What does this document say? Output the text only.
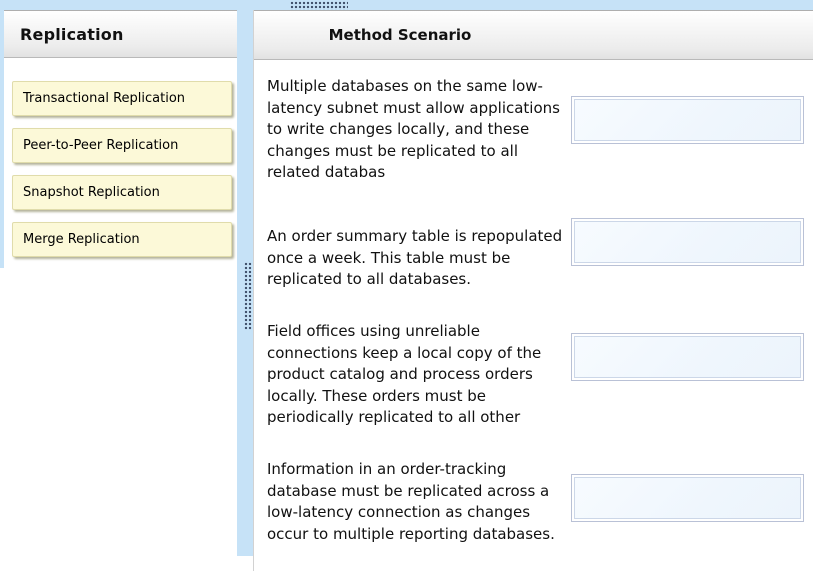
Replication
Transactional Replication
Peer-to-Peer Replication
Snapshot Replication
Merge Replication
Method Scenario
Multiple databases on the same low-latency subnet must allow applications to write changes locally, and these changes must be replicated to all related databas
An order summary table is repopulated once a week. This table must be replicated to all databases.
Field offices using unreliable connections keep a local copy of the product catalog and process orders locally. These orders must be periodically replicated to all other
Information in an order-tracking database must be replicated across a low-latency connection as changes occur to multiple reporting databases.
